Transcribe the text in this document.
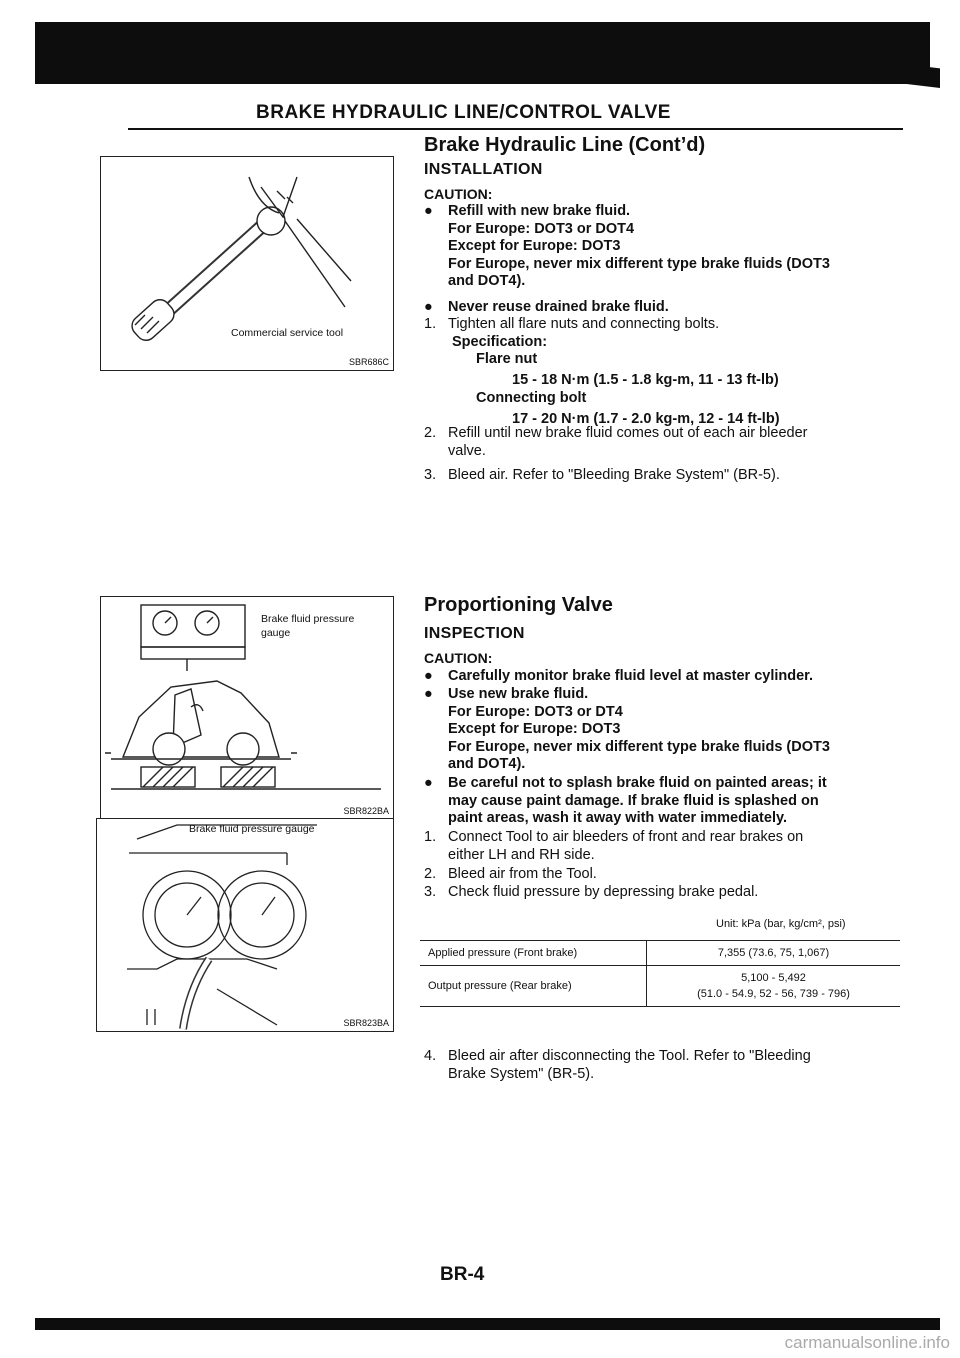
BRAKE HYDRAULIC LINE/CONTROL VALVE
Commercial service tool
SBR686C
Brake fluid pressure
gauge
SBR822BA
Brake fluid pressure gauge
SBR823BA
Brake Hydraulic Line (Cont’d)
INSTALLATION
CAUTION:
● Refill with new brake fluid.
For Europe: DOT3 or DOT4
Except for Europe: DOT3
For Europe, never mix different type brake fluids (DOT3
and DOT4).
● Never reuse drained brake fluid.
1. Tighten all flare nuts and connecting bolts.
Specification:
Flare nut
15 - 18 N·m (1.5 - 1.8 kg-m, 11 - 13 ft-lb)
Connecting bolt
17 - 20 N·m (1.7 - 2.0 kg-m, 12 - 14 ft-lb)
2. Refill until new brake fluid comes out of each air bleeder
valve.
3. Bleed air. Refer to "Bleeding Brake System" (BR-5).
Proportioning Valve
INSPECTION
CAUTION:
● Carefully monitor brake fluid level at master cylinder.
● Use new brake fluid.
For Europe: DOT3 or DT4
Except for Europe: DOT3
For Europe, never mix different type brake fluids (DOT3
and DOT4).
● Be careful not to splash brake fluid on painted areas; it
may cause paint damage. If brake fluid is splashed on
paint areas, wash it away with water immediately.
1. Connect Tool to air bleeders of front and rear brakes on
either LH and RH side.
2. Bleed air from the Tool.
3. Check fluid pressure by depressing brake pedal.
Unit: kPa (bar, kg/cm², psi)
Applied pressure (Front brake)	7,355 (73.6, 75, 1,067)
Output pressure (Rear brake)	5,100 - 5,492
(51.0 - 54.9, 52 - 56, 739 - 796)
4. Bleed air after disconnecting the Tool. Refer to "Bleeding
Brake System" (BR-5).
BR-4
carmanualsonline.info
